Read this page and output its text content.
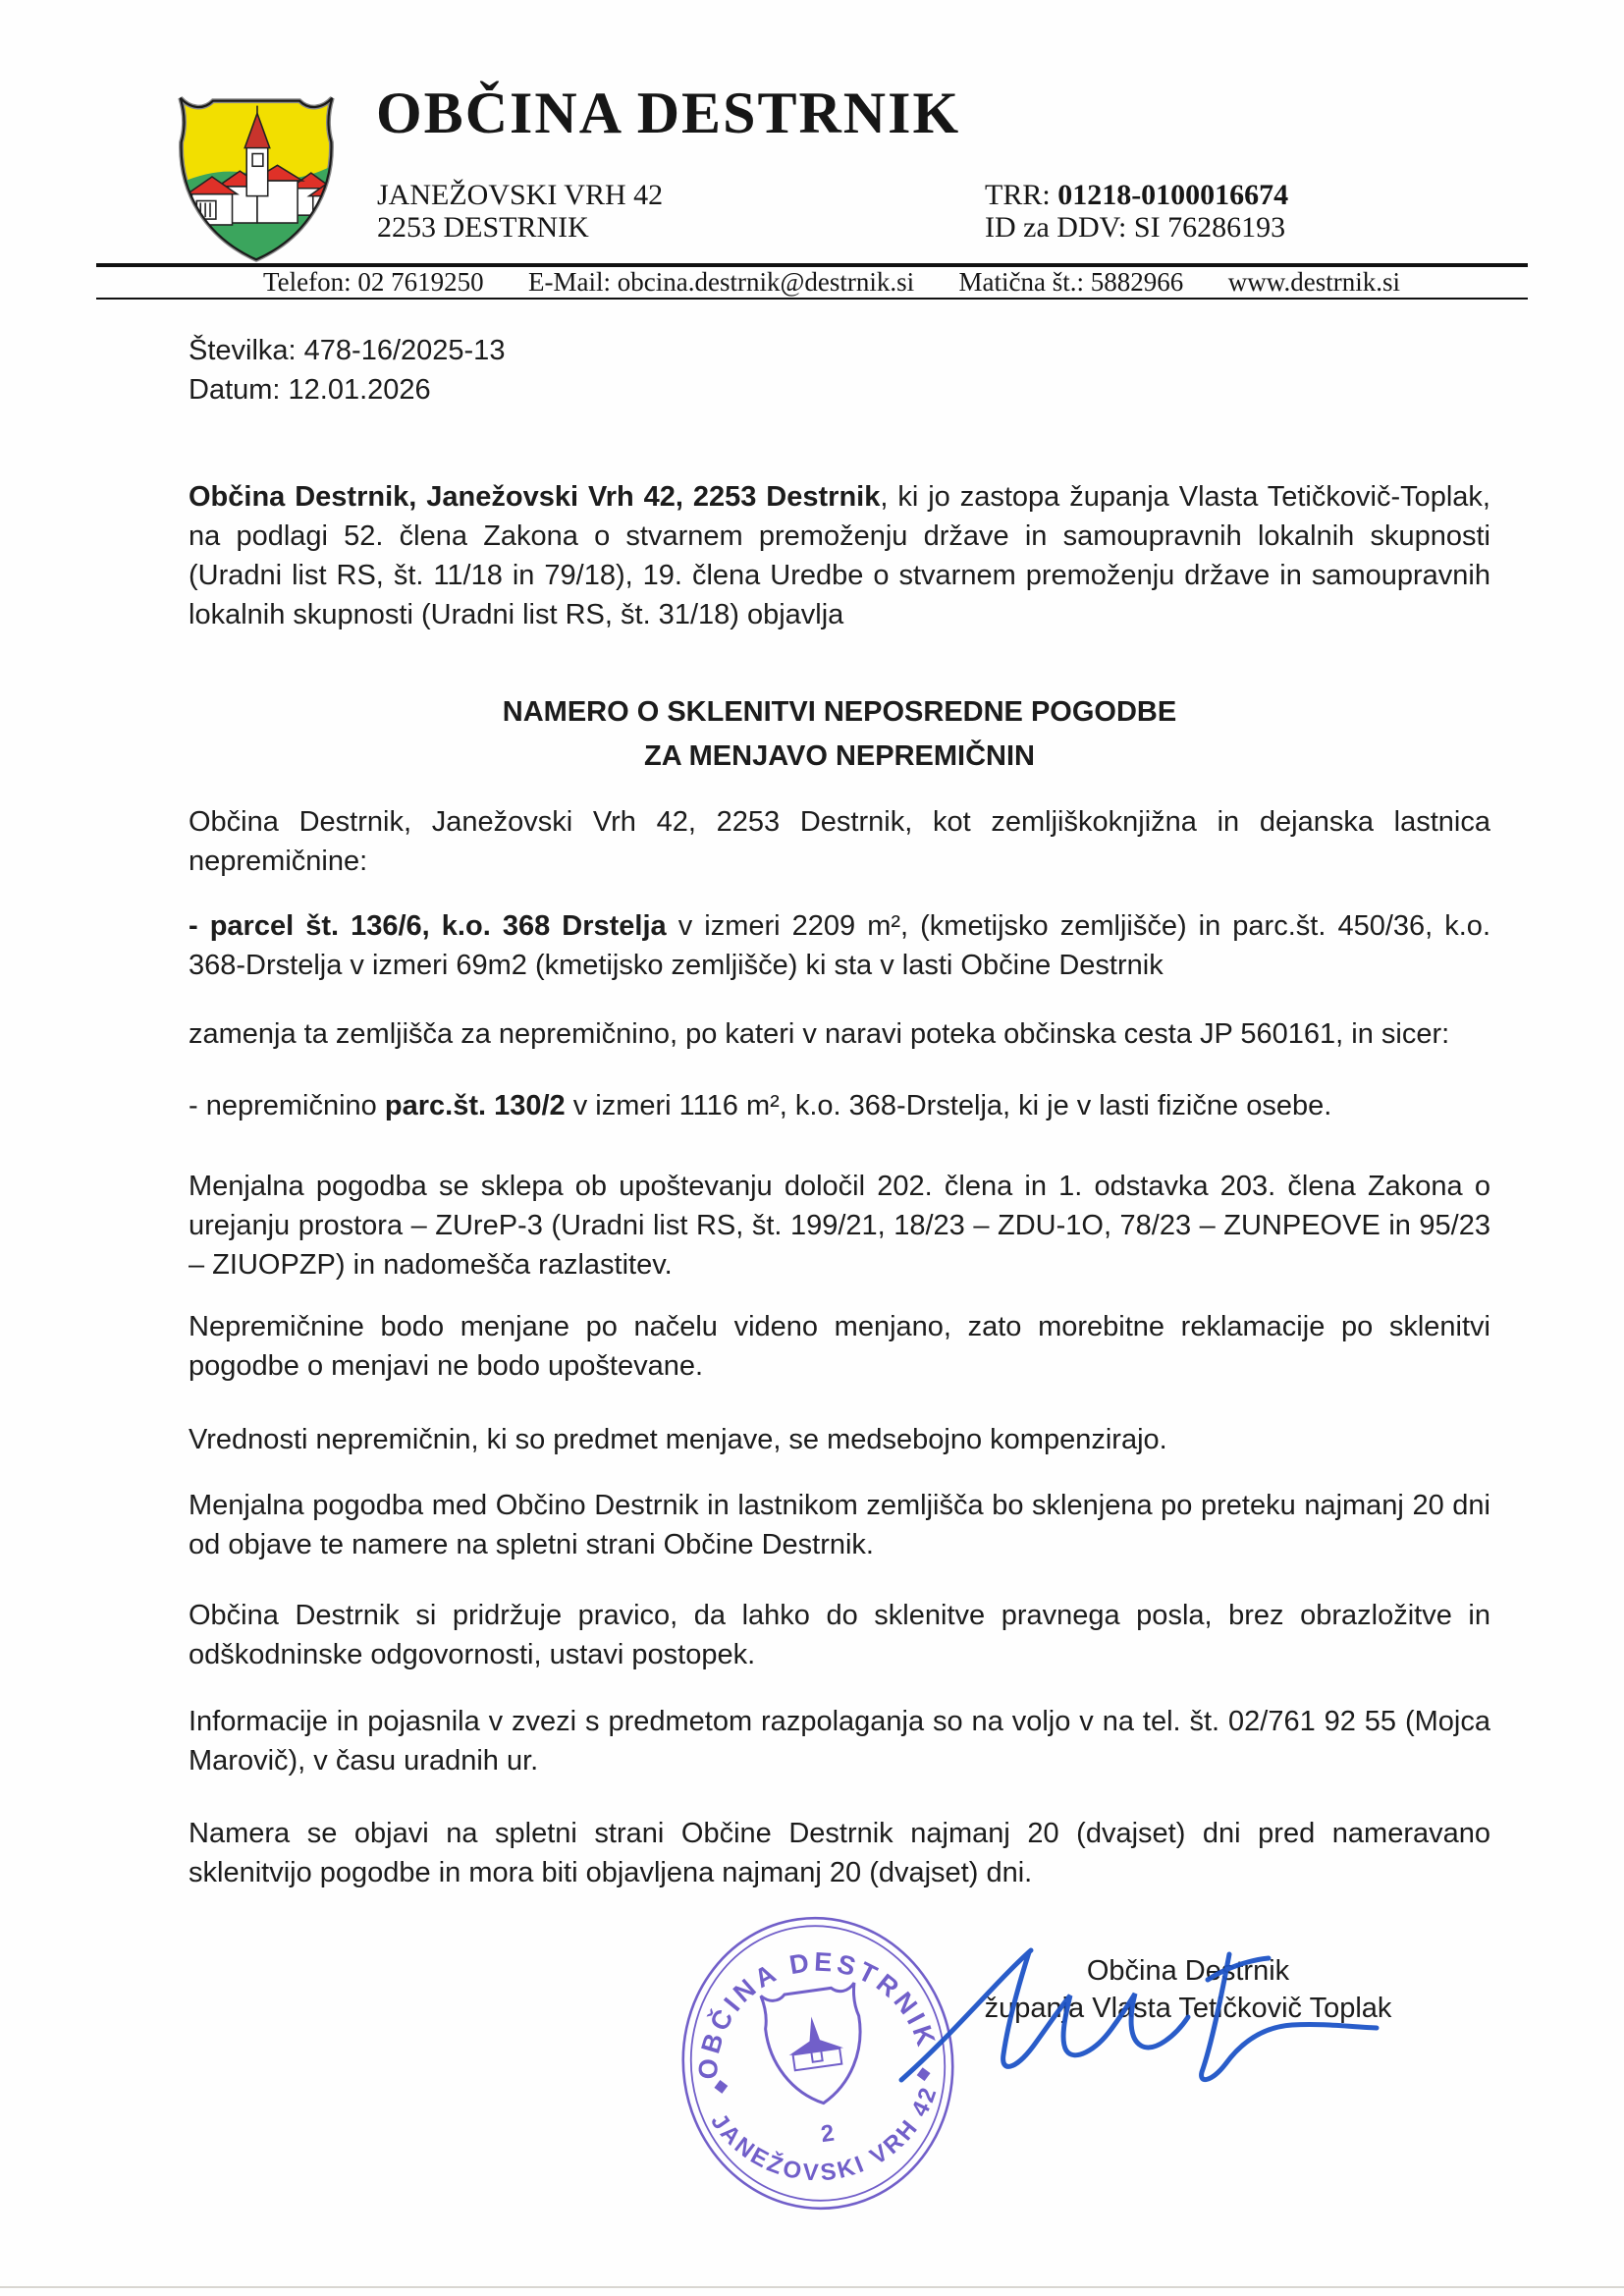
OBČINA DESTRNIK
JANEŽOVSKI VRH 42
2253 DESTRNIK
TRR: 01218-0100016674
ID za DDV: SI 76286193
Telefon: 02 7619250 E-Mail: obcina.destrnik@destrnik.si Matična št.: 5882966 www.destrnik.si

Številka: 478-16/2025-13
Datum: 12.01.2026

Občina Destrnik, Janežovski Vrh 42, 2253 Destrnik, ki jo zastopa županja Vlasta Tetičkovič-Toplak, na podlagi 52. člena Zakona o stvarnem premoženju države in samoupravnih lokalnih skupnosti (Uradni list RS, št. 11/18 in 79/18), 19. člena Uredbe o stvarnem premoženju države in samoupravnih lokalnih skupnosti (Uradni list RS, št. 31/18) objavlja

NAMERO O SKLENITVI NEPOSREDNE POGODBE
ZA MENJAVO NEPREMIČNIN

Občina Destrnik, Janežovski Vrh 42, 2253 Destrnik, kot zemljiškoknjižna in dejanska lastnica nepremičnine:

- parcel št. 136/6, k.o. 368 Drstelja v izmeri 2209 m², (kmetijsko zemljišče) in parc.št. 450/36, k.o. 368-Drstelja v izmeri 69m2 (kmetijsko zemljišče) ki sta v lasti Občine Destrnik

zamenja ta zemljišča za nepremičnino, po kateri v naravi poteka občinska cesta JP 560161, in sicer:

- nepremičnino parc.št. 130/2 v izmeri 1116 m², k.o. 368-Drstelja, ki je v lasti fizične osebe.

Menjalna pogodba se sklepa ob upoštevanju določil 202. člena in 1. odstavka 203. člena Zakona o urejanju prostora – ZUreP-3 (Uradni list RS, št. 199/21, 18/23 – ZDU-1O, 78/23 – ZUNPEOVE in 95/23 – ZIUOPZP) in nadomešča razlastitev.

Nepremičnine bodo menjane po načelu videno menjano, zato morebitne reklamacije po sklenitvi pogodbe o menjavi ne bodo upoštevane.

Vrednosti nepremičnin, ki so predmet menjave, se medsebojno kompenzirajo.

Menjalna pogodba med Občino Destrnik in lastnikom zemljišča bo sklenjena po preteku najmanj 20 dni od objave te namere na spletni strani Občine Destrnik.

Občina Destrnik si pridržuje pravico, da lahko do sklenitve pravnega posla, brez obrazložitve in odškodninske odgovornosti, ustavi postopek.

Informacije in pojasnila v zvezi s predmetom razpolaganja so na voljo v na tel. št. 02/761 92 55 (Mojca Marovič), v času uradnih ur.

Namera se objavi na spletni strani Občine Destrnik najmanj 20 (dvajset) dni pred nameravano sklenitvijo pogodbe in mora biti objavljena najmanj 20 (dvajset) dni.

OBČINA DESTRNIK
JANEŽOVSKI VRH 42
2
Občina Destrnik
županja Vlasta Tetičkovič Toplak
